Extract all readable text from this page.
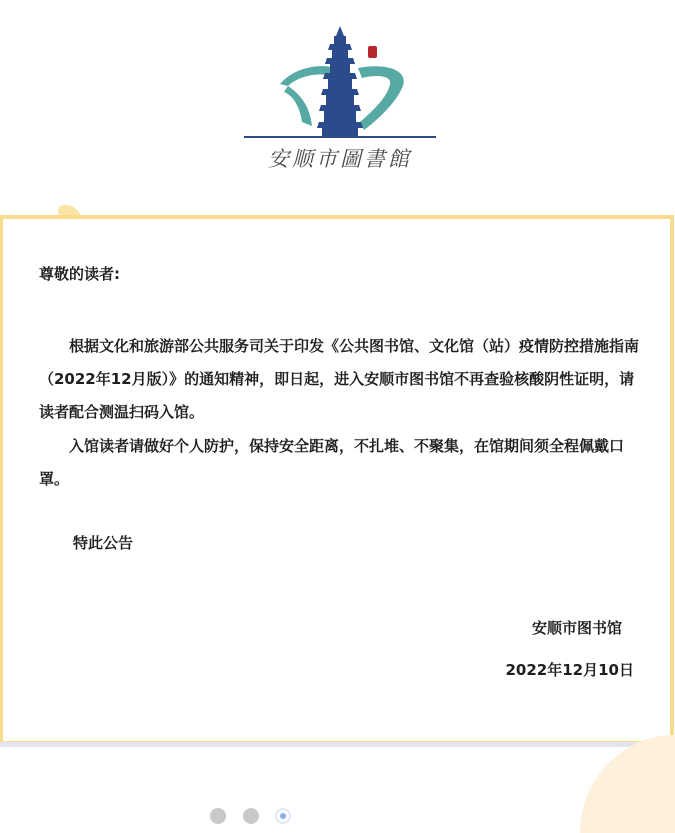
安顺市圖書館
尊敬的读者:
根据文化和旅游部公共服务司关于印发《公共图书馆、文化馆（站）疫情防控措施指南（2022年12月版）》的通知精神，即日起，进入安顺市图书馆不再查验核酸阴性证明，请读者配合测温扫码入馆。
入馆读者请做好个人防护，保持安全距离，不扎堆、不聚集，在馆期间须全程佩戴口罩。
特此公告
安顺市图书馆
2022年12月10日
